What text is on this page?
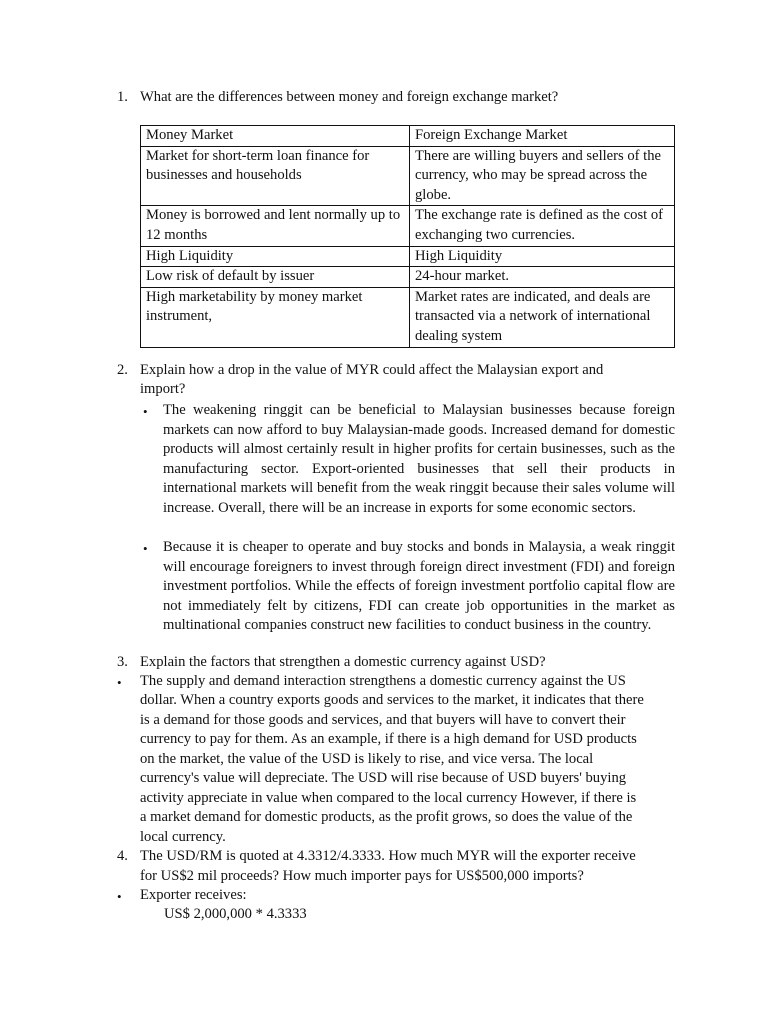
1. What are the differences between money and foreign exchange market?
Money Market	Foreign Exchange Market
Market for short-term loan finance for businesses and households	There are willing buyers and sellers of the currency, who may be spread across the globe.
Money is borrowed and lent normally up to 12 months	The exchange rate is defined as the cost of exchanging two currencies.
High Liquidity	High Liquidity
Low risk of default by issuer	24-hour market.
High marketability by money market instrument,	Market rates are indicated, and deals are transacted via a network of international dealing system
2. Explain how a drop in the value of MYR could affect the Malaysian export and
import?
• The weakening ringgit can be beneficial to Malaysian businesses because foreign markets can now afford to buy Malaysian-made goods. Increased demand for domestic products will almost certainly result in higher profits for certain businesses, such as the manufacturing sector. Export-oriented businesses that sell their products in international markets will benefit from the weak ringgit because their sales volume will increase. Overall, there will be an increase in exports for some economic sectors.
• Because it is cheaper to operate and buy stocks and bonds in Malaysia, a weak ringgit will encourage foreigners to invest through foreign direct investment (FDI) and foreign investment portfolios. While the effects of foreign investment portfolio capital flow are not immediately felt by citizens, FDI can create job opportunities in the market as multinational companies construct new facilities to conduct business in the country.
3. Explain the factors that strengthen a domestic currency against USD?
• The supply and demand interaction strengthens a domestic currency against the US
dollar. When a country exports goods and services to the market, it indicates that there
is a demand for those goods and services, and that buyers will have to convert their
currency to pay for them. As an example, if there is a high demand for USD products
on the market, the value of the USD is likely to rise, and vice versa. The local
currency's value will depreciate. The USD will rise because of USD buyers' buying
activity appreciate in value when compared to the local currency However, if there is
a market demand for domestic products, as the profit grows, so does the value of the
local currency.
4. The USD/RM is quoted at 4.3312/4.3333. How much MYR will the exporter receive
for US$2 mil proceeds? How much importer pays for US$500,000 imports?
• Exporter receives:
US$ 2,000,000 * 4.3333
